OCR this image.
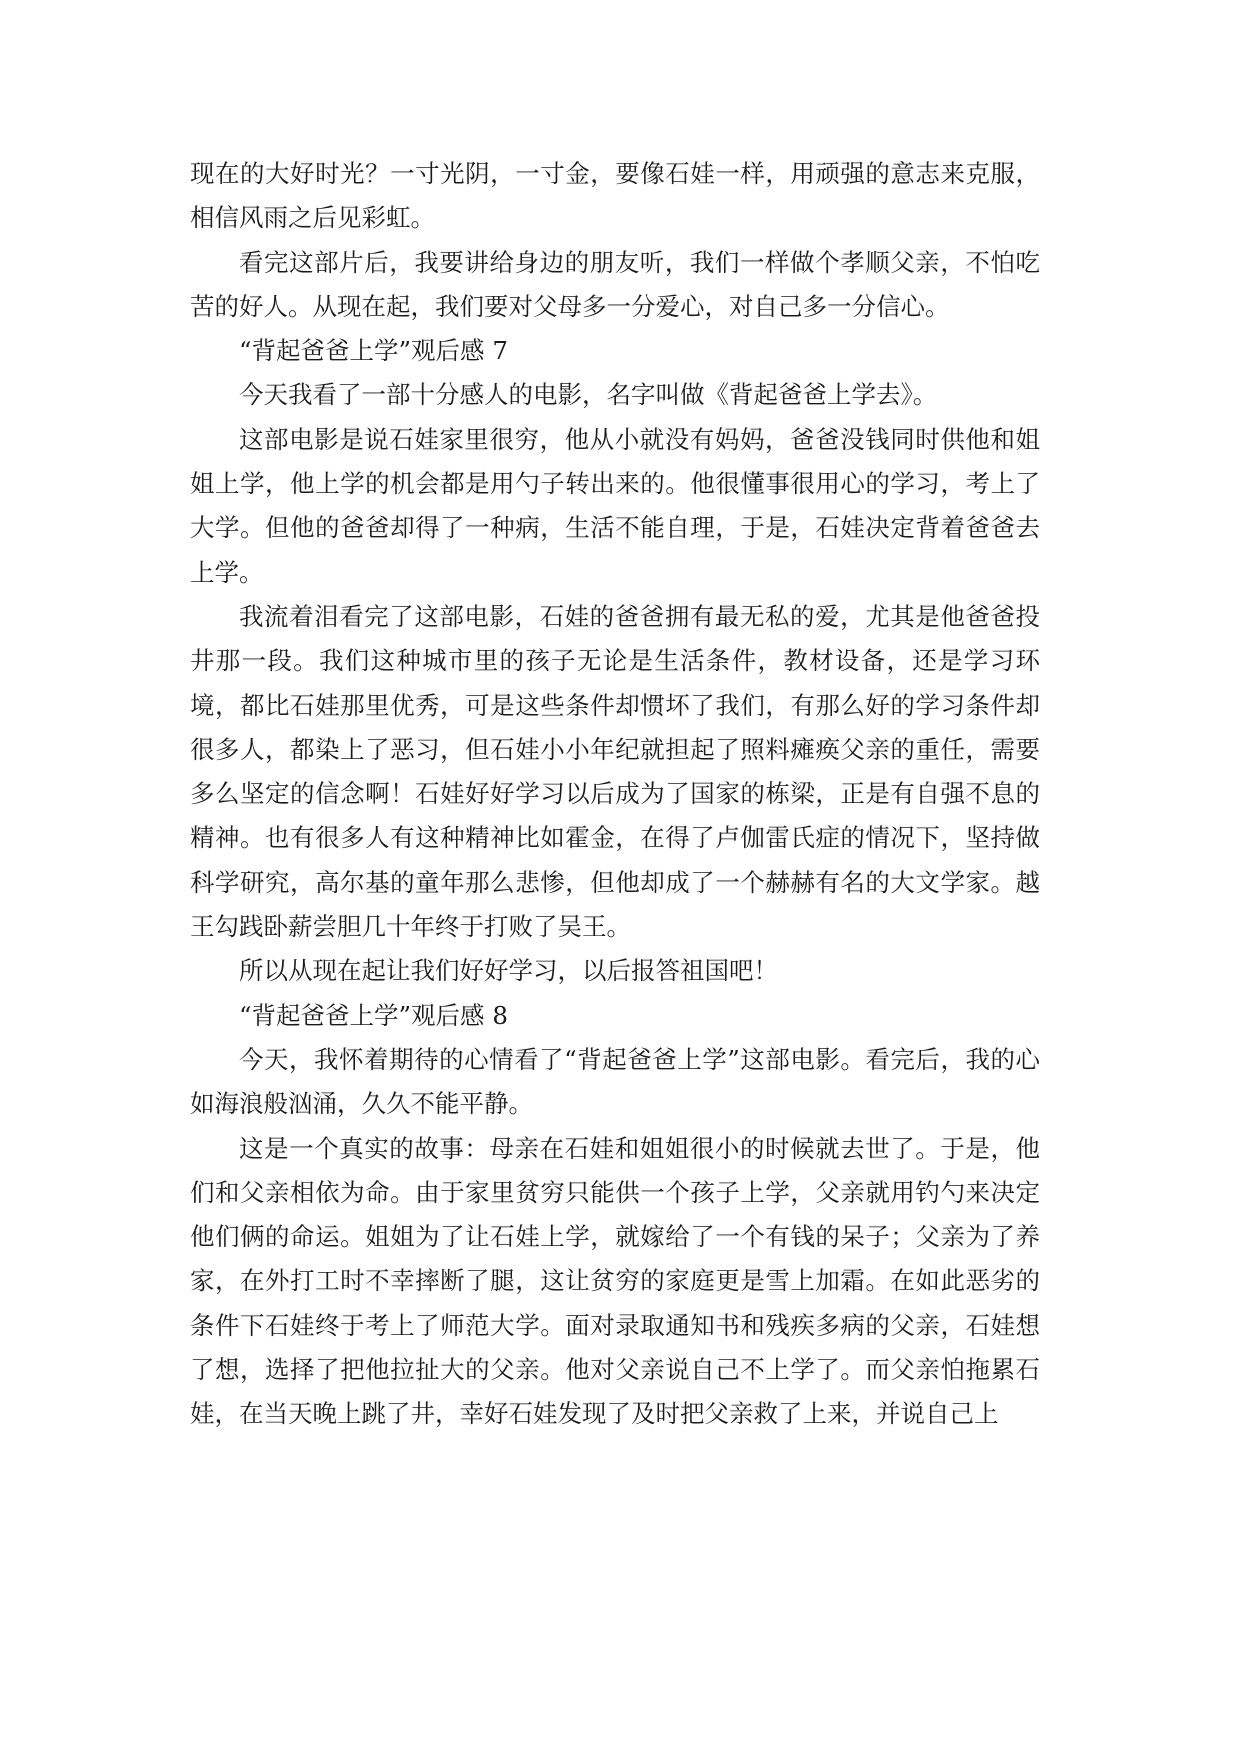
现在的大好时光？一寸光阴，一寸金，要像石娃一样，用顽强的意志来克服，相信风雨之后见彩虹。

看完这部片后，我要讲给身边的朋友听，我们一样做个孝顺父亲，不怕吃苦的好人。从现在起，我们要对父母多一分爱心，对自己多一分信心。

“背起爸爸上学”观后感 7

今天我看了一部十分感人的电影，名字叫做《背起爸爸上学去》。

这部电影是说石娃家里很穷，他从小就没有妈妈，爸爸没钱同时供他和姐姐上学，他上学的机会都是用勺子转出来的。他很懂事很用心的学习，考上了大学。但他的爸爸却得了一种病，生活不能自理，于是，石娃决定背着爸爸去上学。

我流着泪看完了这部电影，石娃的爸爸拥有最无私的爱，尤其是他爸爸投井那一段。我们这种城市里的孩子无论是生活条件，教材设备，还是学习环境，都比石娃那里优秀，可是这些条件却惯坏了我们，有那么好的学习条件却很多人，都染上了恶习，但石娃小小年纪就担起了照料瘫痪父亲的重任，需要多么坚定的信念啊！石娃好好学习以后成为了国家的栋梁，正是有自强不息的精神。也有很多人有这种精神比如霍金，在得了卢伽雷氏症的情况下，坚持做科学研究，高尔基的童年那么悲惨，但他却成了一个赫赫有名的大文学家。越王勾践卧薪尝胆几十年终于打败了吴王。

所以从现在起让我们好好学习，以后报答祖国吧！

“背起爸爸上学”观后感 8

今天，我怀着期待的心情看了“背起爸爸上学”这部电影。看完后，我的心如海浪般汹涌，久久不能平静。

这是一个真实的故事：母亲在石娃和姐姐很小的时候就去世了。于是，他们和父亲相依为命。由于家里贫穷只能供一个孩子上学，父亲就用钓勺来决定他们俩的命运。姐姐为了让石娃上学，就嫁给了一个有钱的呆子；父亲为了养家，在外打工时不幸摔断了腿，这让贫穷的家庭更是雪上加霜。在如此恶劣的条件下石娃终于考上了师范大学。面对录取通知书和残疾多病的父亲，石娃想了想，选择了把他拉扯大的父亲。他对父亲说自己不上学了。而父亲怕拖累石娃，在当天晚上跳了井，幸好石娃发现了及时把父亲救了上来，并说自己上
